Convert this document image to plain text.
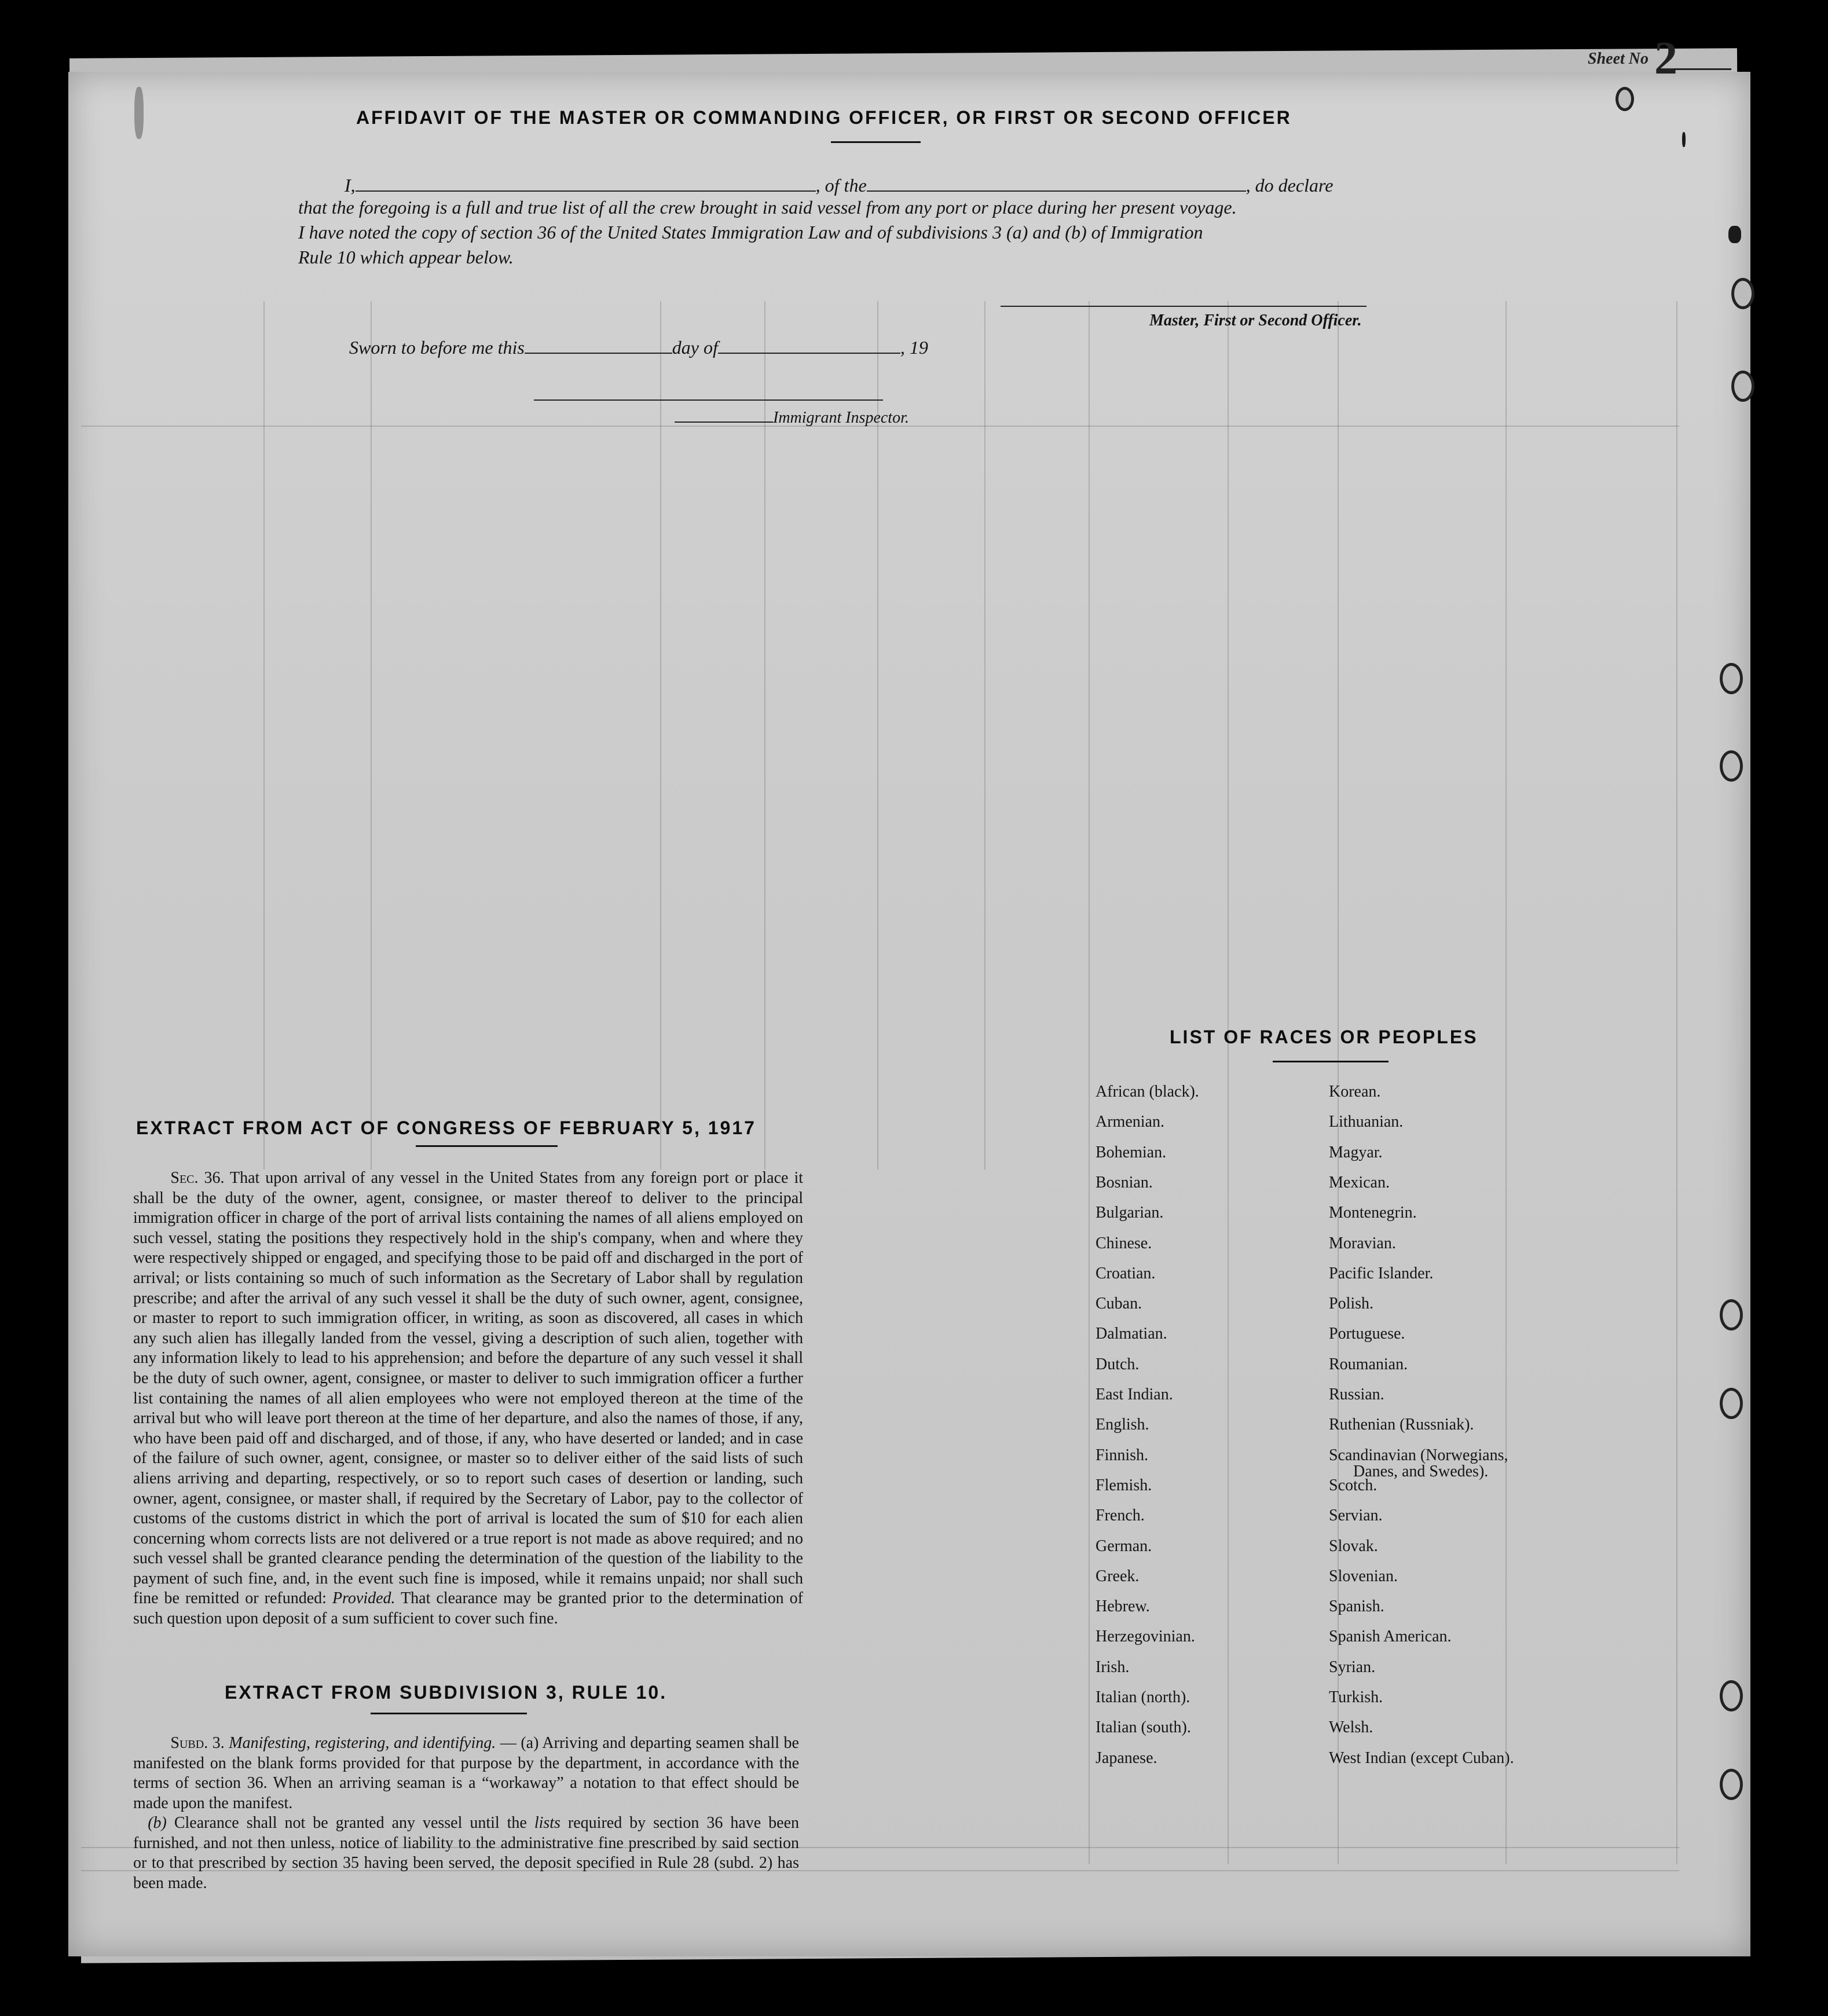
Sheet No 2
AFFIDAVIT OF THE MASTER OR COMMANDING OFFICER, OR FIRST OR SECOND OFFICER
I,	, of the	, do declare
that the foregoing is a full and true list of all the crew brought in said vessel from any port or place during her present voyage.
I have noted the copy of section 36 of the United States Immigration Law and of subdivisions 3 (a) and (b) of Immigration
Rule 10 which appear below.
Master, First or Second Officer.
Sworn to before me this	day of	, 19
Immigrant Inspector.
EXTRACT FROM ACT OF CONGRESS OF FEBRUARY 5, 1917
Sec. 36. That upon arrival of any vessel in the United States from any foreign port or place it shall be the duty of the owner, agent, consignee, or master thereof to deliver to the principal immigration officer in charge of the port of arrival lists containing the names of all aliens employed on such vessel, stating the positions they respectively hold in the ship's company, when and where they were respectively shipped or engaged, and specifying those to be paid off and discharged in the port of arrival; or lists containing so much of such information as the Secretary of Labor shall by regulation prescribe; and after the arrival of any such vessel it shall be the duty of such owner, agent, consignee, or master to report to such immigration officer, in writing, as soon as discovered, all cases in which any such alien has illegally landed from the vessel, giving a description of such alien, together with any information likely to lead to his apprehension; and before the departure of any such vessel it shall be the duty of such owner, agent, consignee, or master to deliver to such immigration officer a further list containing the names of all alien employees who were not employed thereon at the time of the arrival but who will leave port thereon at the time of her departure, and also the names of those, if any, who have been paid off and discharged, and of those, if any, who have deserted or landed; and in case of the failure of such owner, agent, consignee, or master so to deliver either of the said lists of such aliens arriving and departing, respectively, or so to report such cases of desertion or landing, such owner, agent, consignee, or master shall, if required by the Secretary of Labor, pay to the collector of customs of the customs district in which the port of arrival is located the sum of $10 for each alien concerning whom corrects lists are not delivered or a true report is not made as above required; and no such vessel shall be granted clearance pending the determination of the question of the liability to the payment of such fine, and, in the event such fine is imposed, while it remains unpaid; nor shall such fine be remitted or refunded: Provided. That clearance may be granted prior to the determination of such question upon deposit of a sum sufficient to cover such fine.
EXTRACT FROM SUBDIVISION 3, RULE 10.
Subd. 3. Manifesting, registering, and identifying. — (a) Arriving and departing seamen shall be manifested on the blank forms provided for that purpose by the department, in accordance with the terms of section 36. When an arriving seaman is a “workaway” a notation to that effect should be made upon the manifest.
(b) Clearance shall not be granted any vessel until the lists required by section 36 have been furnished, and not then unless, notice of liability to the administrative fine prescribed by said section or to that prescribed by section 35 having been served, the deposit specified in Rule 28 (subd. 2) has been made.
LIST OF RACES OR PEOPLES
African (black).
Armenian.
Bohemian.
Bosnian.
Bulgarian.
Chinese.
Croatian.
Cuban.
Dalmatian.
Dutch.
East Indian.
English.
Finnish.
Flemish.
French.
German.
Greek.
Hebrew.
Herzegovinian.
Irish.
Italian (north).
Italian (south).
Japanese.
Korean.
Lithuanian.
Magyar.
Mexican.
Montenegrin.
Moravian.
Pacific Islander.
Polish.
Portuguese.
Roumanian.
Russian.
Ruthenian (Russniak).
Scandinavian (Norwegians,
Danes, and Swedes).
Scotch.
Servian.
Slovak.
Slovenian.
Spanish.
Spanish American.
Syrian.
Turkish.
Welsh.
West Indian (except Cuban).
